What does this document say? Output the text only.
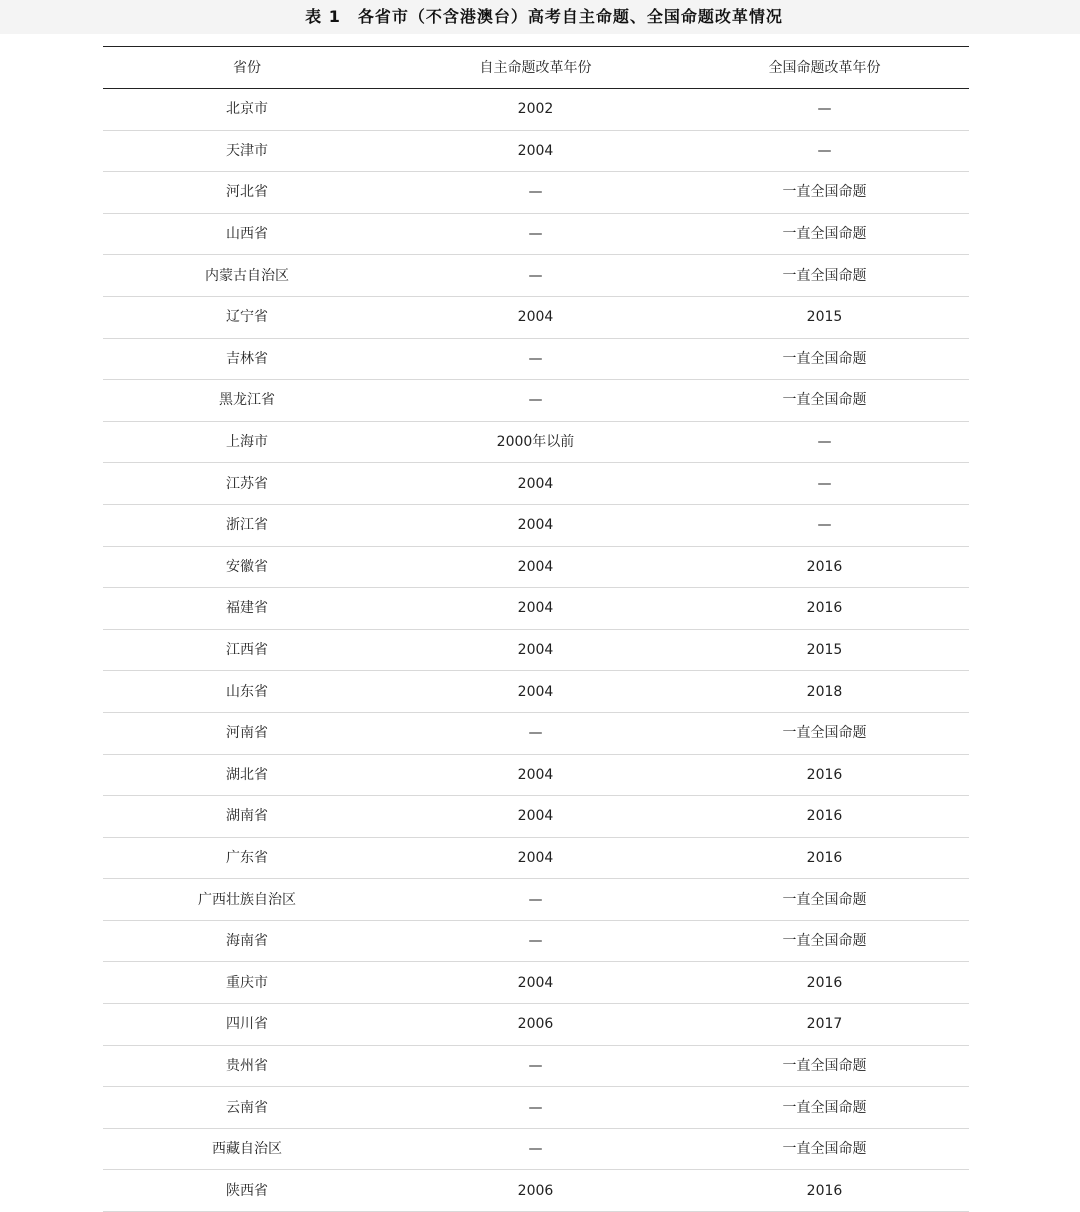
表 1　各省市（不含港澳台）高考自主命题、全国命题改革情况
省份	自主命题改革年份	全国命题改革年份
北京市	2002	—
天津市	2004	—
河北省	—	一直全国命题
山西省	—	一直全国命题
内蒙古自治区	—	一直全国命题
辽宁省	2004	2015
吉林省	—	一直全国命题
黑龙江省	—	一直全国命题
上海市	2000年以前	—
江苏省	2004	—
浙江省	2004	—
安徽省	2004	2016
福建省	2004	2016
江西省	2004	2015
山东省	2004	2018
河南省	—	一直全国命题
湖北省	2004	2016
湖南省	2004	2016
广东省	2004	2016
广西壮族自治区	—	一直全国命题
海南省	—	一直全国命题
重庆市	2004	2016
四川省	2006	2017
贵州省	—	一直全国命题
云南省	—	一直全国命题
西藏自治区	—	一直全国命题
陕西省	2006	2016
